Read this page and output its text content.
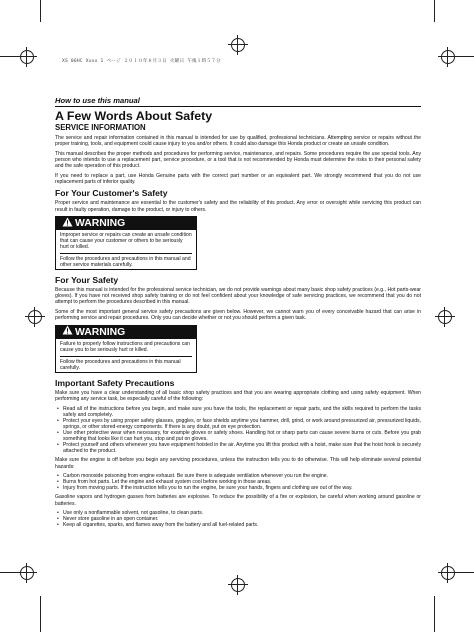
XS 06HC Xxxx 1 ページ ２０１０年８月３日 火曜日 午後１時５７分
How to use this manual
A Few Words About Safety
SERVICE INFORMATION

The service and repair information contained in this manual is intended for use by qualified, professional technicians. Attempting service or repairs without the proper training, tools, and equipment could cause injury to you and/or others. It could also damage this Honda product or create an unsafe condition.

This manual describes the proper methods and procedures for performing service, maintenance, and repairs. Some procedures require the use special tools. Any person who intends to use a replacement part, service procedure, or a tool that is not recommended by Honda must determine the risks to their personal safety and the safe operation of this product.

If you need to replace a part, use Honda Genuine parts with the correct part number or an equivalent part. We strongly recommend that you do not use replacement parts of inferior quality.

For Your Customer's Safety

Proper service and maintenance are essential to the customer's safety and the reliability of this product. Any error or oversight while servicing this product can result in faulty operation, damage to the product, or injury to others.

WARNING

Improper service or repairs can create an unsafe condition that can cause your customer or others to be seriously hurt or killed.

Follow the procedures and precautions in this manual and other service materials carefully.

For Your Safety

Because this manual is intended for the professional service technician, we do not provide warnings about many basic shop safety practices (e.g., Hot parts-wear gloves). If you have not received shop safety training or do not feel confident about your knowledge of safe servicing practices, we recommend that you do not attempt to perform the procedures described in this manual.

Some of the most important general service safety precautions are given below. However, we cannot warn you of every conceivable hazard that can arise in performing service and repair procedures. Only you can decide whether or not you should perform a given task.

WARNING

Failure to properly follow instructions and precautions can cause you to be seriously hurt or killed.

Follow the procedures and precautions in this manual carefully.

Important Safety Precautions

Make sure you have a clear understanding of all basic shop safety practices and that you are wearing appropriate clothing and using safety equipment. When performing any service task, be especially careful of the following:

• Read all of the instructions before you begin, and make sure you have the tools, the replacement or repair parts, and the skills required to perform the tasks safely and completely.
• Protect your eyes by using proper safety glasses, goggles, or face shields anytime you hammer, drill, grind, or work around pressurized air, pressurized liquids, springs, or other stored-energy components. If there is any doubt, put on eye protection.
• Use other protective wear when necessary, for example gloves or safety shoes. Handling hot or sharp parts can cause severe burns or cuts. Before you grab something that looks like it can hurt you, stop and put on gloves.
• Protect yourself and others whenever you have equipment hoisted in the air. Anytime you lift this product with a hoist, make sure that the hoist hook is securely attached to the product.

Make sure the engine is off before you begin any servicing procedures, unless the instruction tells you to do otherwise. This will help eliminate several potential hazards:

• Carbon monoxide poisoning from engine exhaust. Be sure there is adequate ventilation whenever you run the engine.
• Burns from hot parts. Let the engine and exhaust system cool before working in those areas.
• Injury from moving parts. If the instruction tells you to run the engine, be sure your hands, fingers and clothing are out of the way.

Gasoline vapors and hydrogen gasses from batteries are explosive. To reduce the possibility of a fire or explosion, be careful when working around gasoline or batteries.

• Use only a nonflammable solvent, not gasoline, to clean parts.
• Never store gasoline in an open container.
• Keep all cigarettes, sparks, and flames away from the battery and all fuel-related parts.
